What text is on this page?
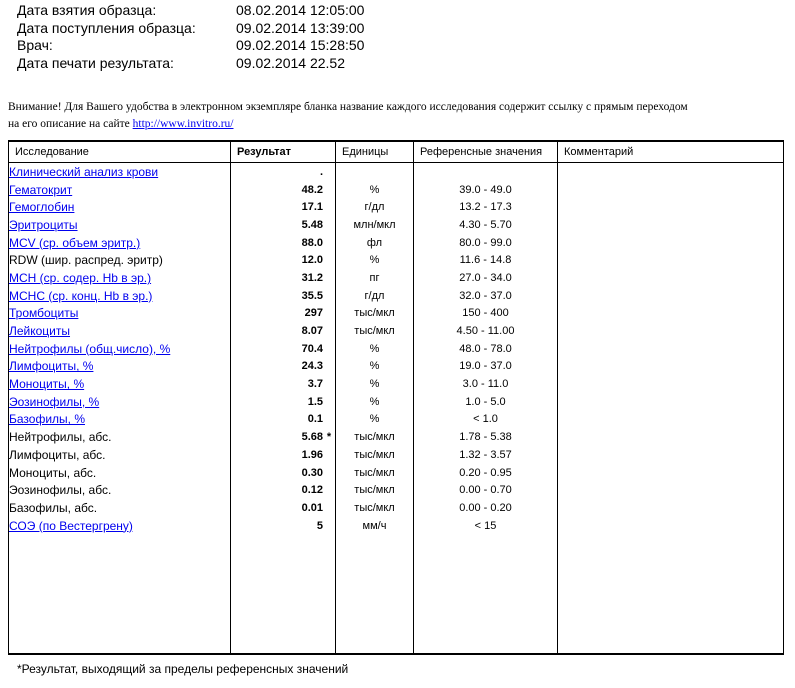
Дата взятия образца:	08.02.2014 12:05:00
Дата поступления образца:	09.02.2014 13:39:00
Врач:	09.02.2014 15:28:50
Дата печати результата:	09.02.2014 22.52
Внимание! Для Вашего удобства в электронном экземпляре бланка название каждого исследования содержит ссылку с прямым переходом
на его описание на сайте http://www.invitro.ru/
Исследование	Результат	Единицы	Референсные значения	Комментарий
Клинический анализ крови	.			
Гематокрит	48.2	%	39.0 - 49.0	
Гемоглобин	17.1	г/дл	13.2 - 17.3	
Эритроциты	5.48	млн/мкл	4.30 - 5.70	
MCV (ср. объем эритр.)	88.0	фл	80.0 - 99.0	
RDW (шир. распред. эритр)	12.0	%	11.6 - 14.8	
MCH (ср. содер. Hb в эр.)	31.2	пг	27.0 - 34.0	
MCHC (ср. конц. Hb в эр.)	35.5	г/дл	32.0 - 37.0	
Тромбоциты	297	тыс/мкл	150 - 400	
Лейкоциты	8.07	тыс/мкл	4.50 - 11.00	
Нейтрофилы (общ.число), %	70.4	%	48.0 - 78.0	
Лимфоциты, %	24.3	%	19.0 - 37.0	
Моноциты, %	3.7	%	3.0 - 11.0	
Эозинофилы, %	1.5	%	1.0 - 5.0	
Базофилы, %	0.1	%	< 1.0	
Нейтрофилы, абс.	5.68 *	тыс/мкл	1.78 - 5.38	
Лимфоциты, абс.	1.96	тыс/мкл	1.32 - 3.57	
Моноциты, абс.	0.30	тыс/мкл	0.20 - 0.95	
Эозинофилы, абс.	0.12	тыс/мкл	0.00 - 0.70	
Базофилы, абс.	0.01	тыс/мкл	0.00 - 0.20	
СОЭ (по Вестергрену)	5	мм/ч	< 15	

*Результат, выходящий за пределы референсных значений
